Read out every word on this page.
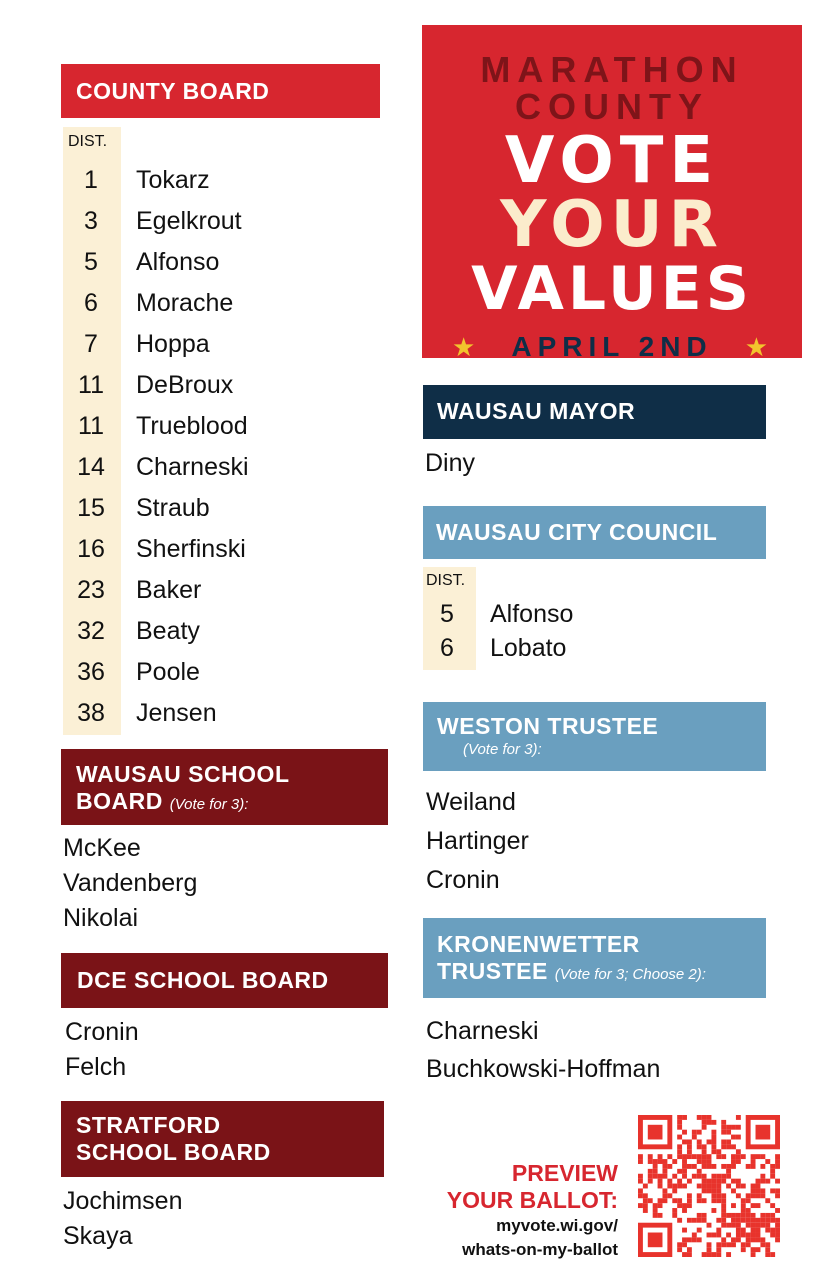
MARATHON
COUNTY
VOTE
YOUR
VALUES
★	APRIL 2ND	★
COUNTY BOARD
DIST.
1	Tokarz
3	Egelkrout
5	Alfonso
6	Morache
7	Hoppa
11	DeBroux
11	Trueblood
14	Charneski
15	Straub
16	Sherfinski
23	Baker
32	Beaty
36	Poole
38	Jensen
WAUSAU SCHOOL
BOARD (Vote for 3):
McKee
Vandenberg
Nikolai
DCE SCHOOL BOARD
Cronin
Felch
STRATFORD
SCHOOL BOARD
Jochimsen
Skaya
WAUSAU MAYOR
Diny
WAUSAU CITY COUNCIL
DIST.
5	Alfonso
6	Lobato
WESTON TRUSTEE
(Vote for 3):
Weiland
Hartinger
Cronin
KRONENWETTER
TRUSTEE (Vote for 3; Choose 2):
Charneski
Buchkowski-Hoffman
PREVIEW
YOUR BALLOT:
myvote.wi.gov/
whats-on-my-ballot
